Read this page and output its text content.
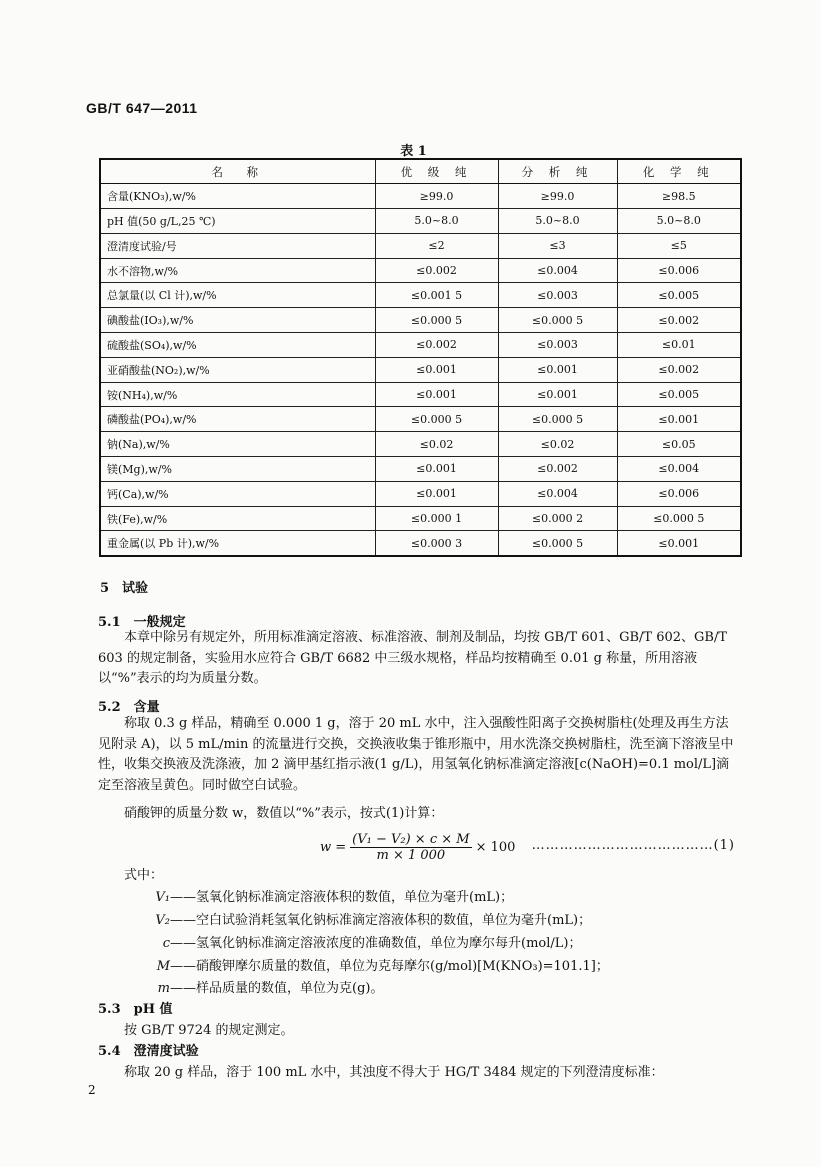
GB/T 647—2011
表 1
名　称	优 级 纯	分 析 纯	化 学 纯
含量(KNO₃),w/%	≥99.0	≥99.0	≥98.5
pH 值(50 g/L,25 ℃)	5.0~8.0	5.0~8.0	5.0~8.0
澄清度试验/号	≤2	≤3	≤5
水不溶物,w/%	≤0.002	≤0.004	≤0.006
总氯量(以 Cl 计),w/%	≤0.001 5	≤0.003	≤0.005
碘酸盐(IO₃),w/%	≤0.000 5	≤0.000 5	≤0.002
硫酸盐(SO₄),w/%	≤0.002	≤0.003	≤0.01
亚硝酸盐(NO₂),w/%	≤0.001	≤0.001	≤0.002
铵(NH₄),w/%	≤0.001	≤0.001	≤0.005
磷酸盐(PO₄),w/%	≤0.000 5	≤0.000 5	≤0.001
钠(Na),w/%	≤0.02	≤0.02	≤0.05
镁(Mg),w/%	≤0.001	≤0.002	≤0.004
钙(Ca),w/%	≤0.001	≤0.004	≤0.006
铁(Fe),w/%	≤0.000 1	≤0.000 2	≤0.000 5
重金属(以 Pb 计),w/%	≤0.000 3	≤0.000 5	≤0.001
5　试验
5.1　一般规定
本章中除另有规定外，所用标准滴定溶液、标准溶液、制剂及制品，均按 GB/T 601、GB/T 602、GB/T 603 的规定制备，实验用水应符合 GB/T 6682 中三级水规格，样品均按精确至 0.01 g 称量，所用溶液以“%”表示的均为质量分数。
5.2　含量
称取 0.3 g 样品，精确至 0.000 1 g，溶于 20 mL 水中，注入强酸性阳离子交换树脂柱(处理及再生方法见附录 A)，以 5 mL/min 的流量进行交换，交换液收集于锥形瓶中，用水洗涤交换树脂柱，洗至滴下溶液呈中性，收集交换液及洗涤液，加 2 滴甲基红指示液(1 g/L)，用氢氧化钠标准滴定溶液[c(NaOH)=0.1 mol/L]滴定至溶液呈黄色。同时做空白试验。
硝酸钾的质量分数 w，数值以“%”表示，按式(1)计算：
$w = \frac{\text{(V₁ − V₂) × c × M}}{m \times 1 000} \times 100$ …………………………………(1)
式中：
V₁——氢氧化钠标准滴定溶液体积的数值，单位为毫升(mL)；
V₂——空白试验消耗氢氧化钠标准滴定溶液体积的数值，单位为毫升(mL)；
c——氢氧化钠标准滴定溶液浓度的准确数值，单位为摩尔每升(mol/L)；
M——硝酸钾摩尔质量的数值，单位为克每摩尔(g/mol)[M(KNO₃)=101.1]；
m——样品质量的数值，单位为克(g)。
5.3　pH 值
按 GB/T 9724 的规定测定。
5.4　澄清度试验
称取 20 g 样品，溶于 100 mL 水中，其浊度不得大于 HG/T 3484 规定的下列澄清度标准：
2
